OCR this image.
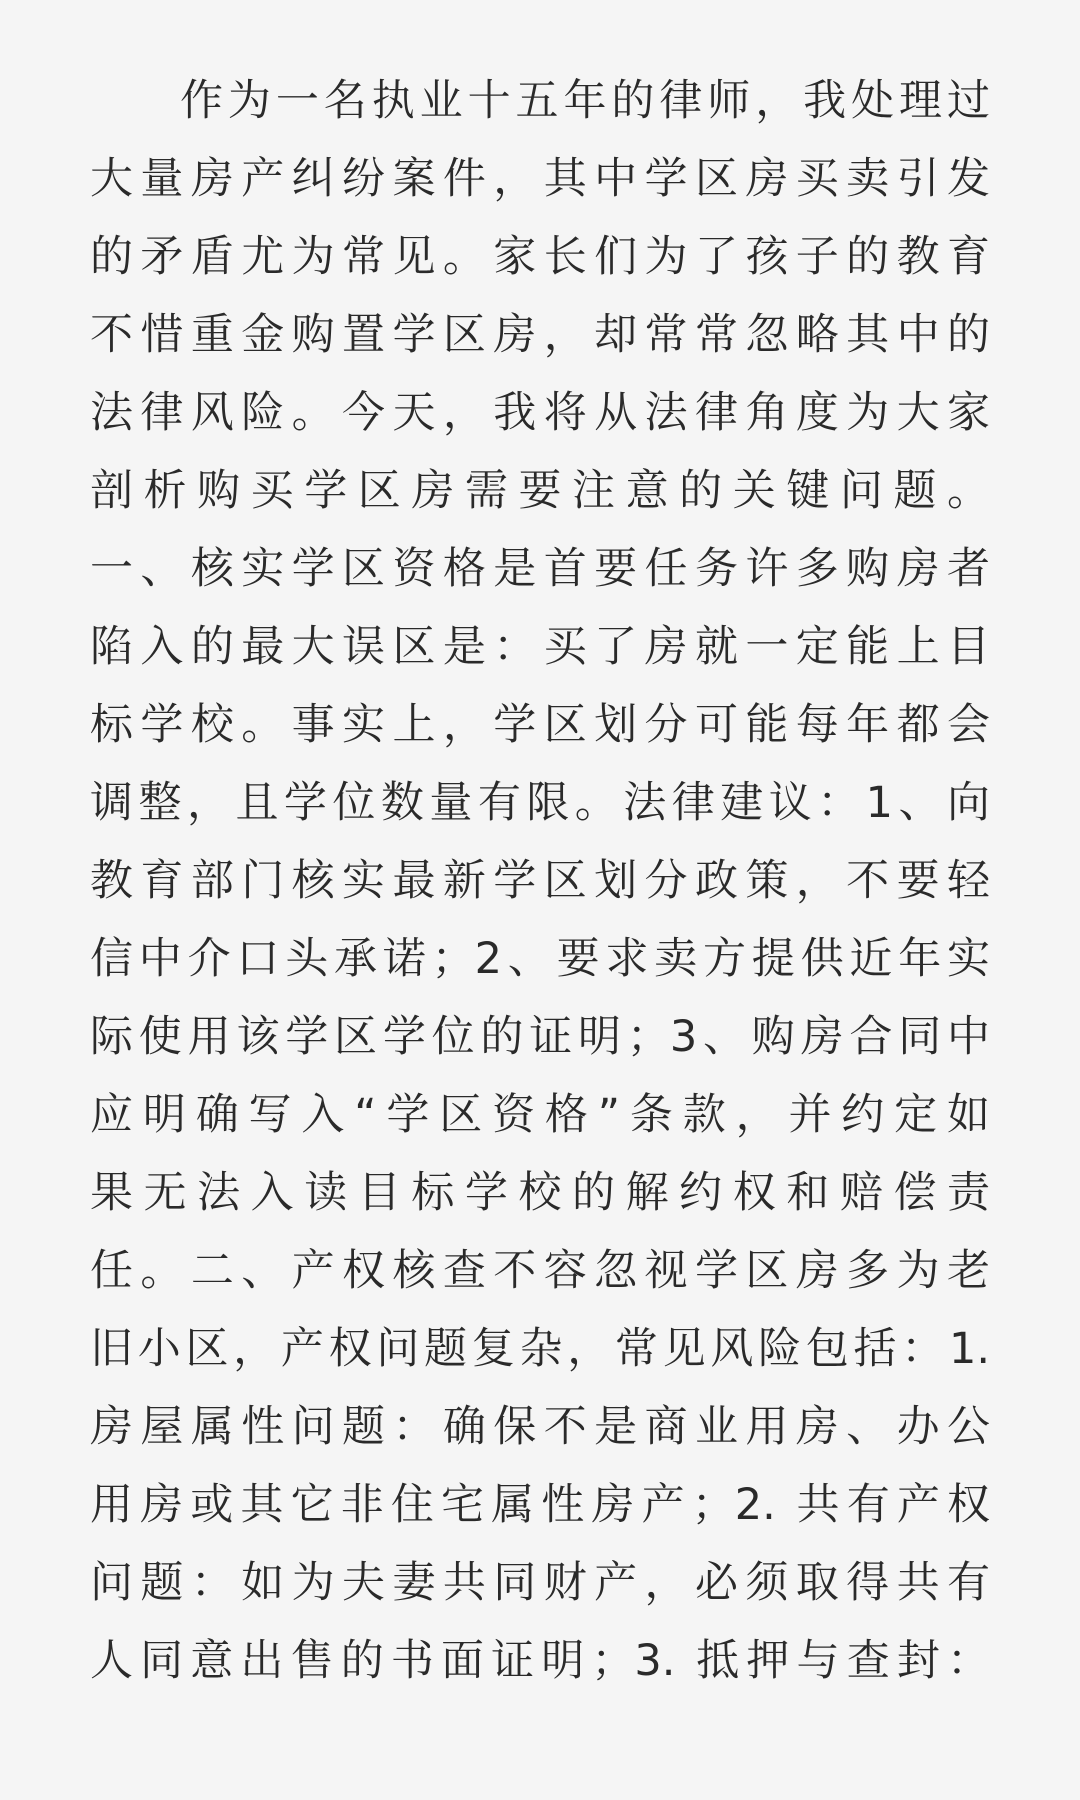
作为一名执业十五年的律师，我处理过
大量房产纠纷案件，其中学区房买卖引发
的矛盾尤为常见。家长们为了孩子的教育
不惜重金购置学区房，却常常忽略其中的
法律风险。今天，我将从法律角度为大家
剖析购买学区房需要注意的关键问题。
一、核实学区资格是首要任务许多购房者
陷入的最大误区是：买了房就一定能上目
标学校。事实上，学区划分可能每年都会
调整，且学位数量有限。法律建议：1、向
教育部门核实最新学区划分政策，不要轻
信中介口头承诺；2、要求卖方提供近年实
际使用该学区学位的证明；3、购房合同中
应明确写入“学区资格”条款，并约定如
果无法入读目标学校的解约权和赔偿责
任。二、产权核查不容忽视学区房多为老
旧小区，产权问题复杂，常见风险包括：1.
房屋属性问题：确保不是商业用房、办公
用房或其它非住宅属性房产；2. 共有产权
问题：如为夫妻共同财产，必须取得共有
人同意出售的书面证明；3. 抵押与查封：
